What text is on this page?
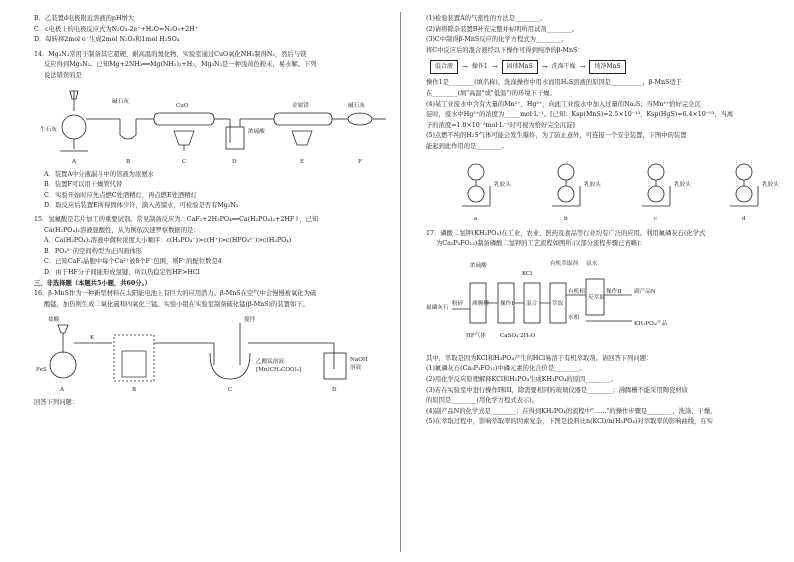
B．乙装置d电极附近溶液的pH增大
C．c电极上的电极反应式为N₂O₄-2e⁻+H₂O=N₂O₅+2H⁺
D．每转移2mol e⁻生成2mol N₂O₅和1mol H₂SO₄
14．Mg₃N₂常用于制备其它超硬、耐高温的氮化物，实验室通过CuO氧化NH₃制得N₂，然后与镁
反应得到Mg₃N₂。已知Mg+2NH₃══Mg(NH₂)₂+H₂，Mg₃N₂是一种浅黄色粉末，易水解。下列
说法错误的是
生石灰
A
碱石灰
B
CuO
C
浓硫酸
D
金属镁
E
碱石灰
F
A．装置A中分液漏斗中的溶液为浓氨水
B．装置F可以用干燥管代替
C．实验开始时应先点燃C处酒精灯，再点燃E处酒精灯
D．取反应后装置E所得固体少许，滴入蒸馏水，可检验是否有Mg₃N₂
15．氢氟酸是芯片加工的重要试剂。常见制备反应为：CaF₂+2H₃PO₄══Ca(H₂PO₄)₂+2HF↑，已知
Ca(H₂PO₄)₂溶液显酸性，从为例依次速罗察数据的是：
A．Ca(H₂PO₄)₂溶液中微粒浓度大小顺序：c(H₂PO₄⁻)>c(H⁺)>c(HPO₄²⁻)>c(H₃PO₄)
B．PO₄³⁻的空间构型为正四面体形
C．已知CaF₂晶胞中每个Ca²⁺被8个F⁻包围，则F⁻的配位数是4
D．由于HF分子间能形成氢键，所以热稳定性HF>HCl
三、非选择题（本题共5小题，共60分。）
16．β-MnS作为一种新型材料在太阳能电池上有巨大的应用潜力。β-MnS在空气中会慢慢被氧化为硫
酸锰，加热则生成二氧化硫和四氧化三锰。实验小组在实验室制备硫化锰(β-MnS)的装置如下。
盐酸
FeS
A
K
B
搅拌
乙酸锰溶液
[Mn(CH₃COO)₂]
C
NaOH
溶液
D
回答下列问题：
(1)检验装置A的气密性的方法是________。
(2)请将除杂装置B补充完整并标明所用试剂________。
(3)C中制得β-MnS反应的化学方程式为________。
将C中反应后的混合液经以下操作可得到纯净的β-MnS：
混合液	→ 操作1 →	固体MnS	→ 洗涤干燥 →	纯净MnS
操作1是________(填名称)，洗涤操作中用水而用H₂S溶液的原因是__________，β-MnS适于
在________(填"高温"或"低温")的环境下干燥。
(4)某工业废水中含有大量的Mn²⁺、Hg²⁺，向此工业废水中加入过量的Na₂S；当Mn²⁺恰好完全沉
淀时，废水中Hg²⁺的浓度为_____mol·L⁻¹。[已知：Ksp(MnS)=2.5×10⁻¹³，Ksp(HgS)=6.4×10⁻⁵³，当离
子的浓度=1.0×10⁻⁵mol·L⁻¹时可视为恰好完全沉淀]
(5)点燃不纯的H₂S气体可能会发生爆炸，为了防止意外，可连接一个安全装置，下图中的装置
能起到此作用的是________。
乳胶头
a
乳胶头
b
乳胶头
c
乳胶头
d
17．磷酸二氢钾(KH₂PO₄)在工业、农业、医药及食品等行业均有广泛的应用。利用氟磷灰石(化学式
为Ca₅P₃FO₁₂)制备磷酸二氢钾的工艺流程如图所示(部分流程步骤已省略)：
浓硫酸
KCl
有机萃取剂 氨水
氟磷灰石
粉碎 沸腾槽 操作I 混合	萃取
有机相
反萃取
操作II 副产品N
HF气体	CaSO₄·2H₂O
水相
KH₂PO₄产品
其中，萃取是因为KCl和H₃PO₄产生的HCl易溶于有机萃取剂。请回答下列问题：
(1)氟磷灰石(Ca₅P₃FO₁₂)中磷元素的化合价是________。
(2)用化学反应原理解释KCl和H₃PO₄生成KH₂PO₄的原因________。
(3)若在实验室中进行操作I和II，除需要相同的玻璃仪器是________；沸腾槽不能采用陶瓷材质
的原因是________(用化学方程式表示)。
(4)副产品N的化学式是________；在得到KH₂PO₄的流程中"……"的操作步骤是________，洗涤、干燥。
(5)在萃取过程中，影响萃取率的因素复杂，下图是投料比n(KCl)/n(H₃PO₄)对萃取率的影响曲线，在实
